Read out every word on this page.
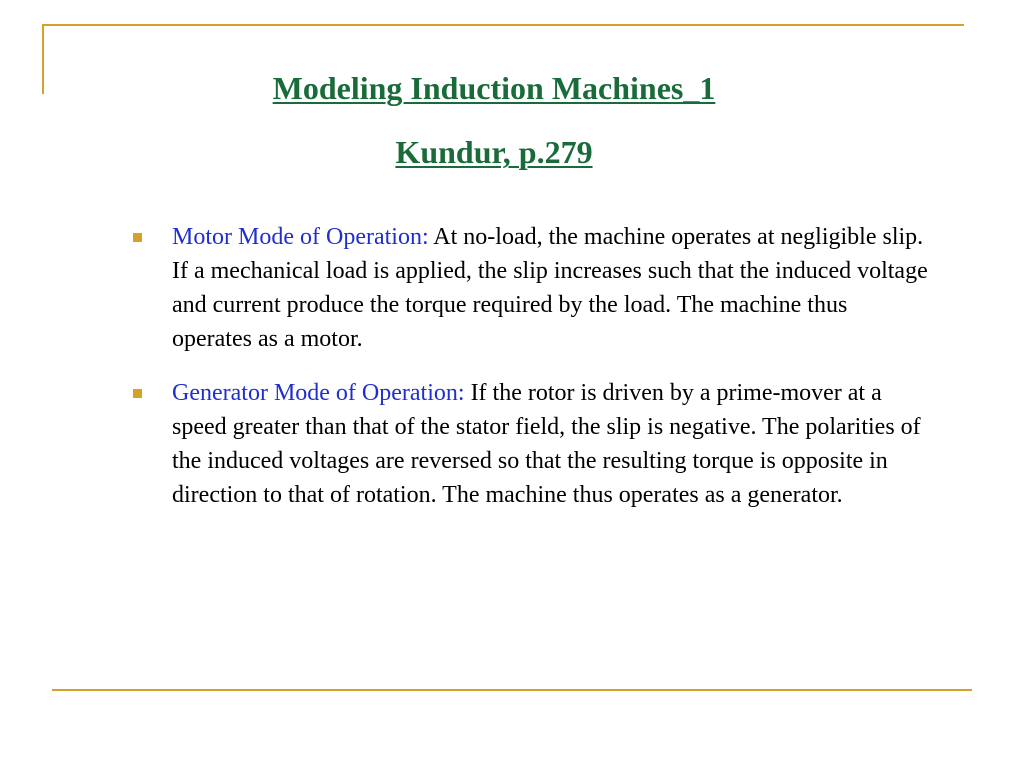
Modeling Induction Machines_1
Kundur, p.279
Motor Mode of Operation: At no-load, the machine operates at negligible slip. If a mechanical load is applied, the slip increases such that the induced voltage and current produce the torque required by the load. The machine thus operates as a motor.
Generator Mode of Operation: If the rotor is driven by a prime-mover at a speed greater than that of the stator field, the slip is negative. The polarities of the induced voltages are reversed so that the resulting torque is opposite in direction to that of rotation. The machine thus operates as a generator.
